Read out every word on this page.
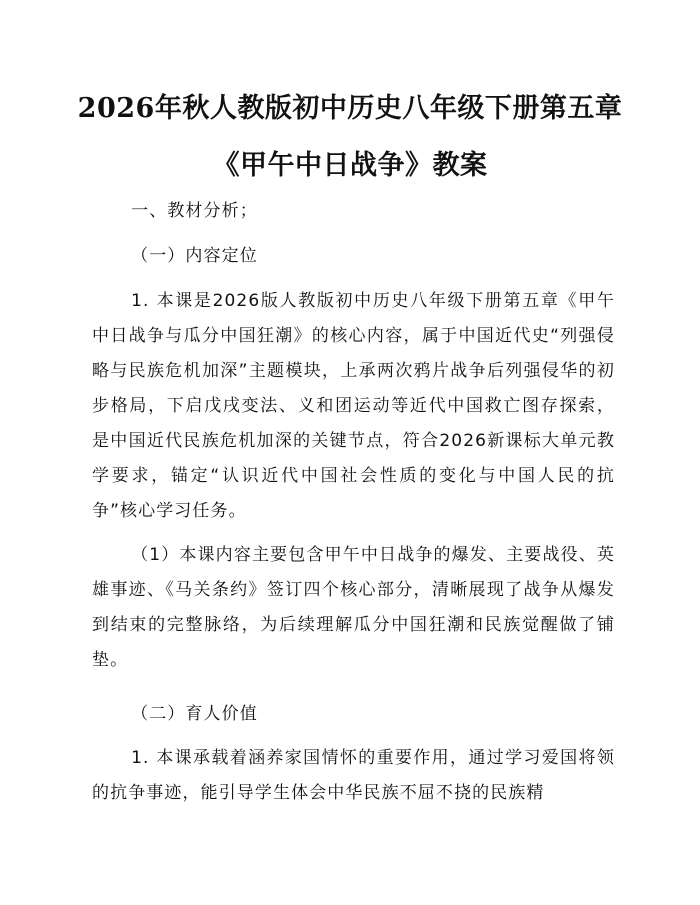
2026年秋人教版初中历史八年级下册第五章
《甲午中日战争》教案

一、教材分析；

（一）内容定位

1. 本课是2026版人教版初中历史八年级下册第五章《甲午中日战争与瓜分中国狂潮》的核心内容，属于中国近代史“列强侵略与民族危机加深”主题模块，上承两次鸦片战争后列强侵华的初步格局，下启戊戌变法、义和团运动等近代中国救亡图存探索，是中国近代民族危机加深的关键节点，符合2026新课标大单元教学要求，锚定“认识近代中国社会性质的变化与中国人民的抗争”核心学习任务。

（1）本课内容主要包含甲午中日战争的爆发、主要战役、英雄事迹、《马关条约》签订四个核心部分，清晰展现了战争从爆发到结束的完整脉络，为后续理解瓜分中国狂潮和民族觉醒做了铺垫。

（二）育人价值

1. 本课承载着涵养家国情怀的重要作用，通过学习爱国将领的抗争事迹，能引导学生体会中华民族不屈不挠的民族精
